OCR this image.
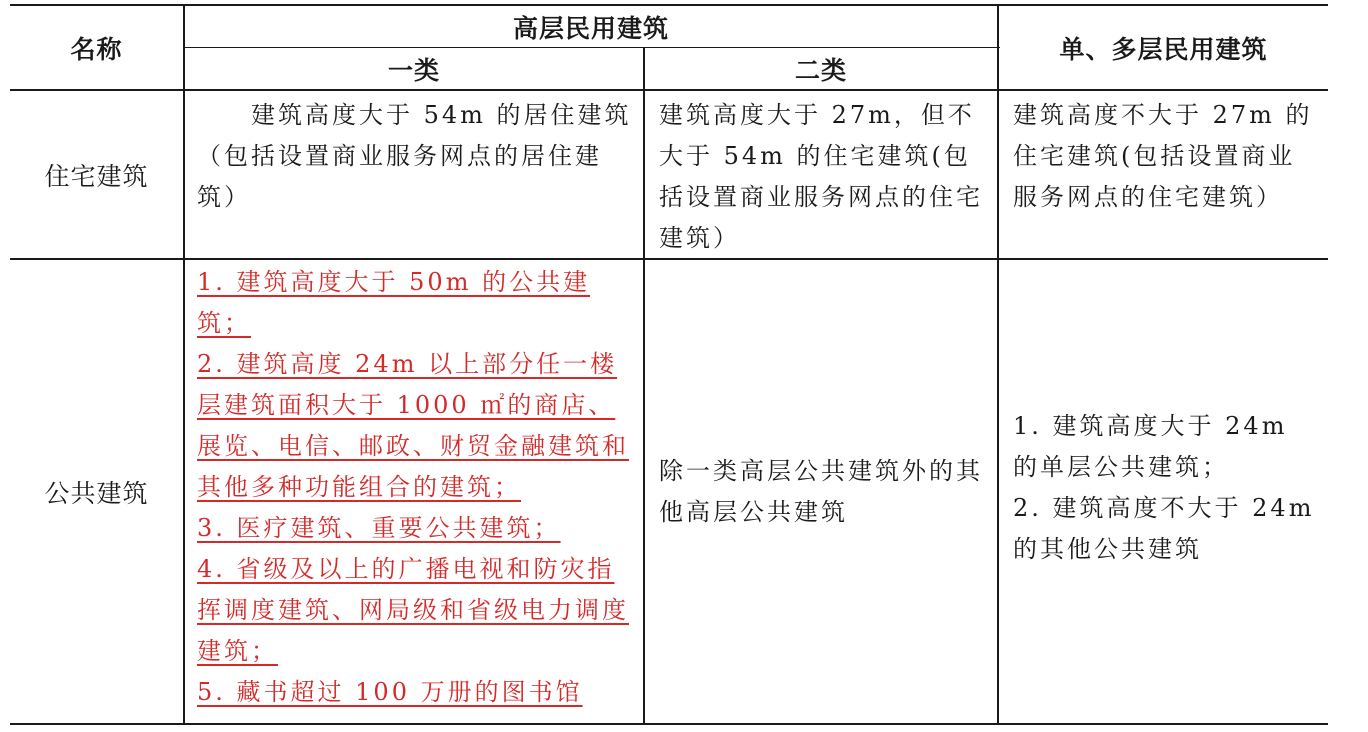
名称
高层民用建筑
一类	二类
单、多层民用建筑
住宅建筑
　　建筑高度大于 54m 的居住建筑（包括设置商业服务网点的居住建筑）
建筑高度大于 27m，但不大于 54m 的住宅建筑(包括设置商业服务网点的住宅建筑）
建筑高度不大于 27m 的住宅建筑(包括设置商业服务网点的住宅建筑）
公共建筑

1. 建筑高度大于 50m 的公共建筑；

2. 建筑高度 24m 以上部分任一楼层建筑面积大于 1000 ㎡的商店、展览、电信、邮政、财贸金融建筑和其他多种功能组合的建筑；

3. 医疗建筑、重要公共建筑；

4. 省级及以上的广播电视和防灾指挥调度建筑、网局级和省级电力调度建筑；

5. 藏书超过 100 万册的图书馆

除一类高层公共建筑外的其他高层公共建筑
1. 建筑高度大于 24m 的单层公共建筑；
2. 建筑高度不大于 24m 的其他公共建筑
